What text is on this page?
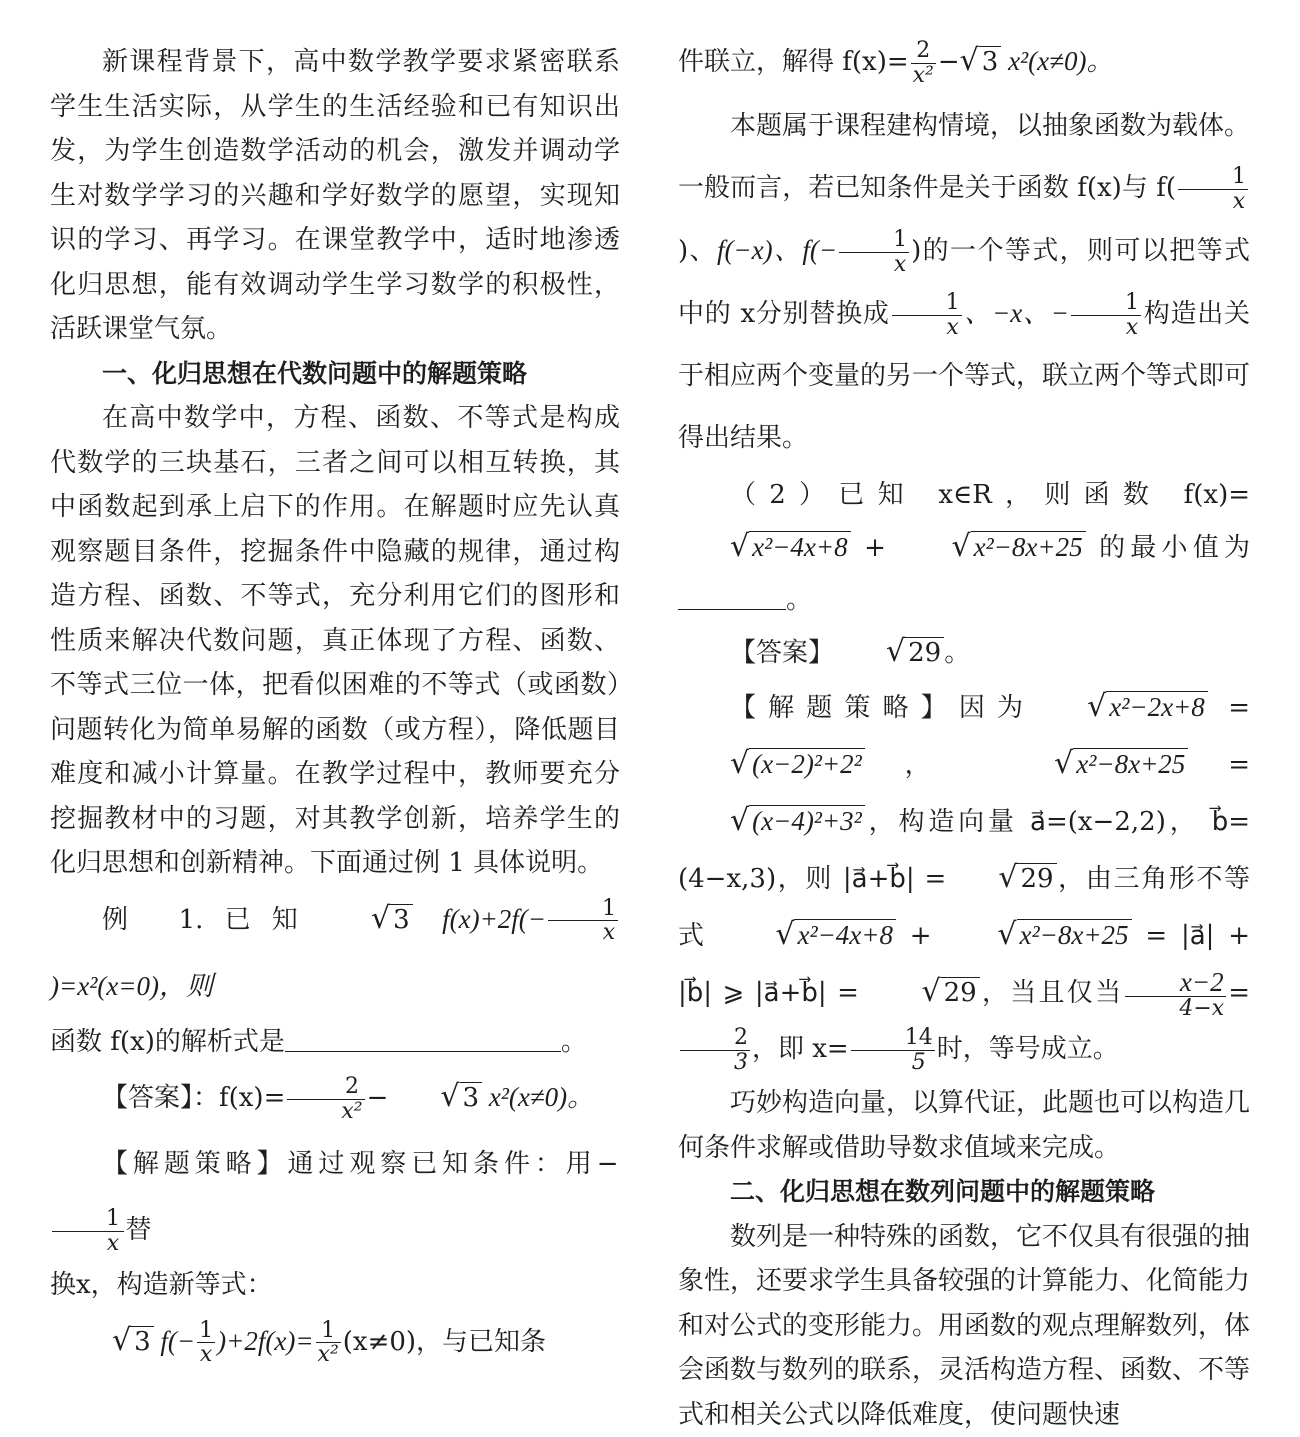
新课程背景下，高中数学教学要求紧密联系学生生活实际，从学生的生活经验和已有知识出发，为学生创造数学活动的机会，激发并调动学生对数学学习的兴趣和学好数学的愿望，实现知识的学习、再学习。在课堂教学中，适时地渗透化归思想，能有效调动学生学习数学的积极性，活跃课堂气氛。

一、化归思想在代数问题中的解题策略

在高中数学中，方程、函数、不等式是构成代数学的三块基石，三者之间可以相互转换，其中函数起到承上启下的作用。在解题时应先认真观察题目条件，挖掘条件中隐藏的规律，通过构造方程、函数、不等式，充分利用它们的图形和性质来解决代数问题，真正体现了方程、函数、不等式三位一体，把看似困难的不等式（或函数）问题转化为简单易解的函数（或方程），降低题目难度和减小计算量。在教学过程中，教师要充分挖掘教材中的习题，对其教学创新，培养学生的化归思想和创新精神。下面通过例 1 具体说明。

例 1.已知 √ 3 $f(x)+2f(- \frac{1}{x}$
)=x²(x=0)，则

函数 f(x)的解析式是	。

【答案】：$f(x)= \frac{2}{\text{x²}}$ − √ 3 x²(x≠0)。

【解题策略】通过观察已知条件：用−
$\frac{1}{x}$ 替

换x，构造新等式：

√ 3 $f(- \frac{1}{x} )+2f(x)= \frac{1}{\text{x²}} (x\ne 0)$，与已知条

件联立，解得 $f(x)= \frac{2}{\text{x²}}$ −√ 3 x²(x≠0)。

本题属于课程建构情境，以抽象函数为载体。一般而言，若已知条件是关于函数 f(x)与 $f( \frac{1}{x}$
)、f(−x)、$f(- \frac{1}{x}$ )的一个等式，则可以把等式中的 x分别替换成 $\frac{1}{x}$ 、−x、− $\frac{1}{x}$ 构造出关于相应两个变量的另一个等式，联立两个等式即可得出结果。

（2）已知 x∈R，则函数 f(x)=√ x²−4x+8 + √ x²−8x+25 的最小值为。

【答案】 √ 29 。

【解题策略】因为 √ x²−2x+8 =√ (x−2)²+2² ，	√ x²−8x+25 =√ (x−4)²+3² ，构造向量 a⃗=(x−2,2)， b⃗=(4−x,3)，则 |a⃗+b⃗| = √ 29 ，由三角形不等式 √ x²−4x+8 + √ x²−8x+25 = |a⃗| + |b⃗| ⩾ |a⃗+b⃗| = √ 29 ，当且仅当 $\frac{x-2}{4-x}$ =
$\frac{2}{3}$ ，即 $x= \frac{14}{5}$ 时，等号成立。

巧妙构造向量，以算代证，此题也可以构造几何条件求解或借助导数求值域来完成。

二、化归思想在数列问题中的解题策略

数列是一种特殊的函数，它不仅具有很强的抽象性，还要求学生具备较强的计算能力、化简能力和对公式的变形能力。用函数的观点理解数列，体会函数与数列的联系，灵活构造方程、函数、不等式和相关公式以降低难度，使问题快速
